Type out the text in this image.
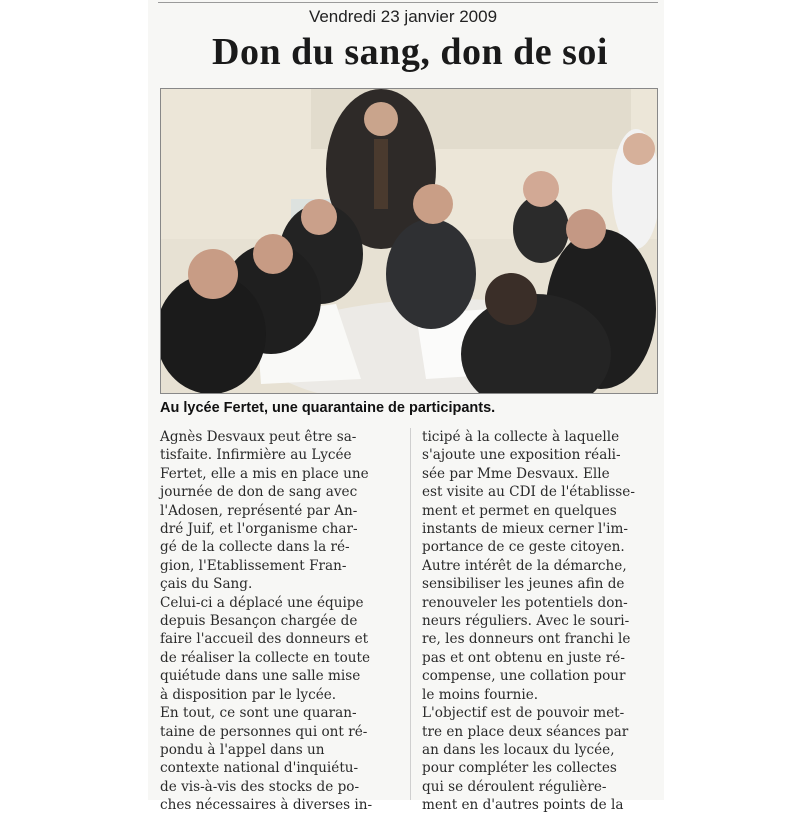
Vendredi 23 janvier 2009
Don du sang, don de soi
Au lycée Fertet, une quarantaine de participants.

Agnès Desvaux peut être sa-

tisfaite. Infirmière au Lycée

Fertet, elle a mis en place une

journée de don de sang avec

l'Adosen, représenté par An-

dré Juif, et l'organisme char-

gé de la collecte dans la ré-

gion, l'Etablissement Fran-

çais du Sang.

Celui-ci a déplacé une équipe

depuis Besançon chargée de

faire l'accueil des donneurs et

de réaliser la collecte en toute

quiétude dans une salle mise

à disposition par le lycée.

En tout, ce sont une quaran-

taine de personnes qui ont ré-

pondu à l'appel dans un

contexte national d'inquiétu-

de vis-à-vis des stocks de po-

ches nécessaires à diverses in-

ticipé à la collecte à laquelle

s'ajoute une exposition réali-

sée par Mme Desvaux. Elle

est visite au CDI de l'établisse-

ment et permet en quelques

instants de mieux cerner l'im-

portance de ce geste citoyen.

Autre intérêt de la démarche,

sensibiliser les jeunes afin de

renouveler les potentiels don-

neurs réguliers. Avec le souri-

re, les donneurs ont franchi le

pas et ont obtenu en juste ré-

compense, une collation pour

le moins fournie.

L'objectif est de pouvoir met-

tre en place deux séances par

an dans les locaux du lycée,

pour compléter les collectes

qui se déroulent régulière-

ment en d'autres points de la
